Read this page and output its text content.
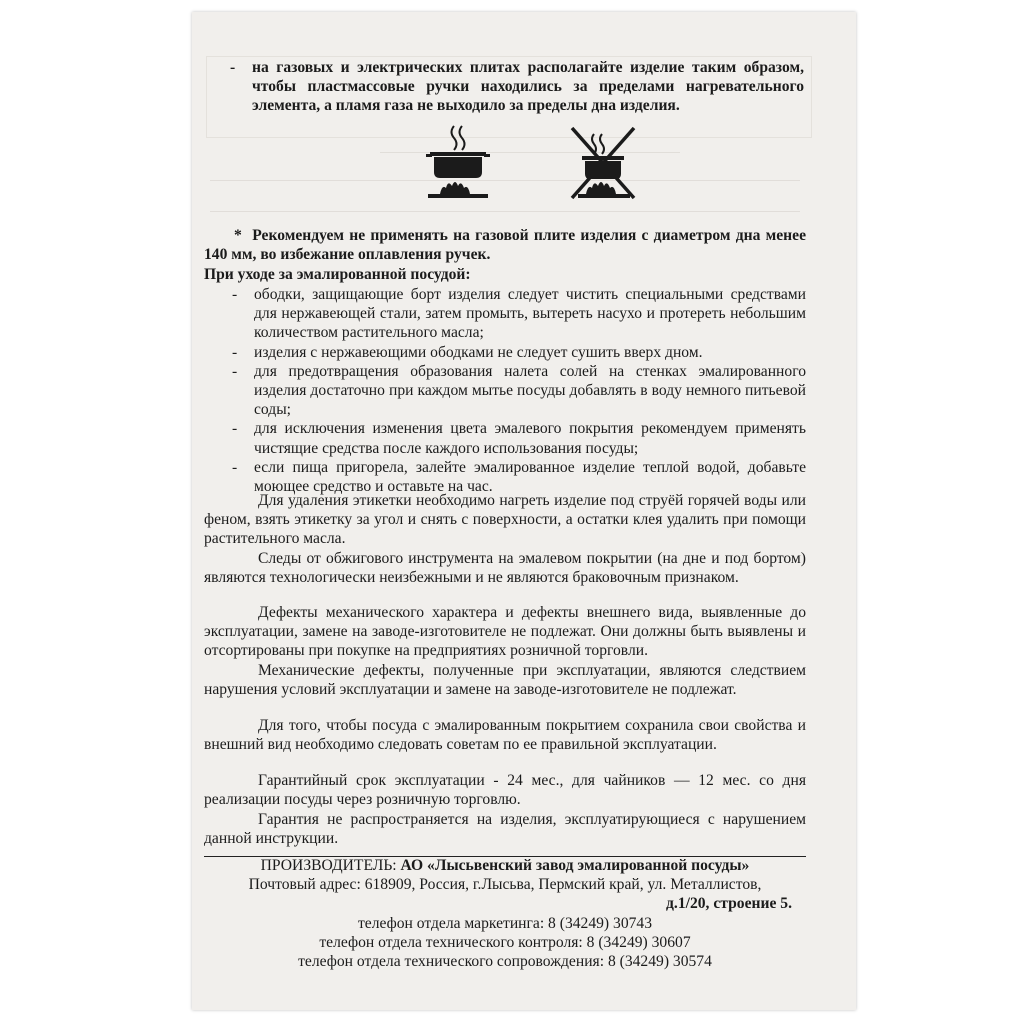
-	на газовых и электрических плитах располагайте изделие таким образом, чтобы пластмассовые ручки находились за пределами нагревательного элемента, а пламя газа не выходило за пределы дна изделия.
*  Рекомендуем не применять на газовой плите изделия с диаметром дна менее 140 мм, во избежание оплавления ручек.
При уходе за эмалированной посудой:
-	ободки, защищающие борт изделия следует чистить специальными средствами для нержавеющей стали, затем промыть, вытереть насухо и протереть небольшим количеством растительного масла;
-	изделия с нержавеющими ободками не следует сушить вверх дном.
-	для предотвращения образования налета солей на стенках эмалированного изделия достаточно при каждом мытье посуды добавлять в воду немного питьевой соды;
-	для исключения изменения цвета эмалевого покрытия рекомендуем применять чистящие средства после каждого использования посуды;
-	если пища пригорела, залейте эмалированное изделие теплой водой, добавьте моющее средство и оставьте на час.
Для удаления этикетки необходимо нагреть изделие под струёй горячей воды или феном, взять этикетку за угол и снять с поверхности, а остатки клея удалить при помощи растительного масла.
Следы от обжигового инструмента на эмалевом покрытии (на дне и под бортом) являются технологически неизбежными и не являются браковочным признаком.
Дефекты механического характера и дефекты внешнего вида, выявленные до эксплуатации, замене на заводе-изготовителе не подлежат. Они должны быть выявлены и отсортированы при покупке на предприятиях розничной торговли.
Механические дефекты, полученные при эксплуатации, являются следствием нарушения условий эксплуатации и замене на заводе-изготовителе не подлежат.
Для того, чтобы посуда с эмалированным покрытием сохранила свои свойства и внешний вид необходимо следовать советам по ее правильной эксплуатации.
Гарантийный срок эксплуатации - 24 мес., для чайников — 12 мес. со дня реализации посуды через розничную торговлю.
Гарантия не распространяется на изделия, эксплуатирующиеся с нарушением данной инструкции.
ПРОИЗВОДИТЕЛЬ: АО «Лысьвенский завод эмалированной посуды»
Почтовый адрес: 618909, Россия, г.Лысьва, Пермский край, ул. Металлистов,
д.1/20, строение 5.
телефон отдела маркетинга: 8 (34249) 30743
телефон отдела технического контроля: 8 (34249) 30607
телефон отдела технического сопровождения: 8 (34249) 30574
